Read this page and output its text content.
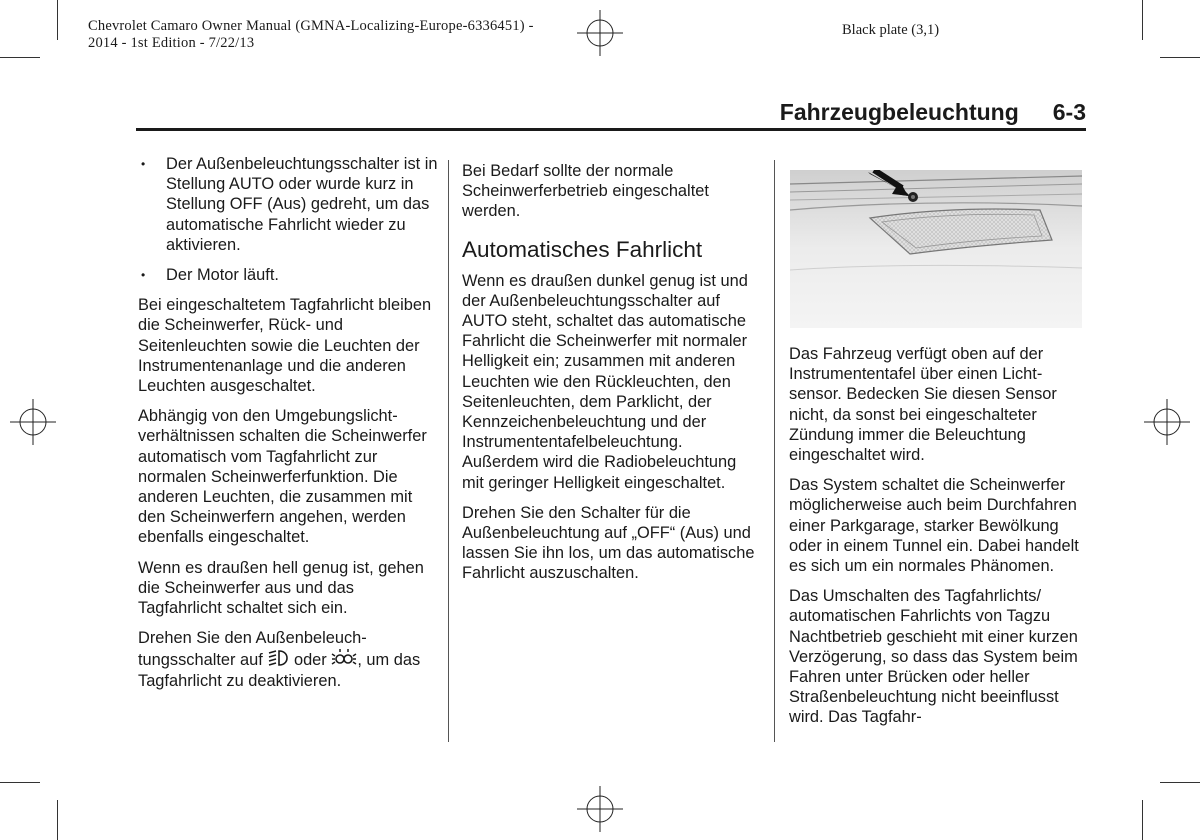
Chevrolet Camaro Owner Manual (GMNA-Localizing-Europe-6336451) -
2014 - 1st Edition - 7/22/13
Black plate (3,1)
Fahrzeugbeleuchtung 6-3
• Der Außenbeleuchtungsschalter ist in Stellung AUTO oder wurde kurz in Stellung OFF (Aus) gedreht, um das automatische Fahrlicht wieder zu aktivieren.
• Der Motor läuft.

Bei eingeschaltetem Tagfahrlicht bleiben die Scheinwerfer, Rück- und Seitenleuchten sowie die Leuchten der Instrumentenanlage und die anderen Leuchten ausgeschaltet.

Abhängig von den Umgebungslichtverhältnissen schalten die Scheinwerfer automatisch vom Tagfahrlicht zur normalen Scheinwerferfunktion. Die anderen Leuchten, die zusammen mit den Scheinwerfern angehen, werden ebenfalls eingeschaltet.

Wenn es draußen hell genug ist, gehen die Scheinwerfer aus und das Tagfahrlicht schaltet sich ein.

Drehen Sie den Außenbeleuchtungsschalter auf oder , um das Tagfahrlicht zu deaktivieren.

Bei Bedarf sollte der normale Scheinwerferbetrieb eingeschaltet werden.

Automatisches Fahrlicht

Wenn es draußen dunkel genug ist und der Außenbeleuchtungsschalter auf AUTO steht, schaltet das automatische Fahrlicht die Scheinwerfer mit normaler Helligkeit ein; zusammen mit anderen Leuchten wie den Rückleuchten, den Seitenleuchten, dem Parklicht, der Kennzeichenbeleuchtung und der Instrumententafelbeleuchtung. Außerdem wird die Radiobeleuchtung mit geringer Helligkeit eingeschaltet.

Drehen Sie den Schalter für die Außenbeleuchtung auf „OFF“ (Aus) und lassen Sie ihn los, um das automatische Fahrlicht auszuschalten.

Das Fahrzeug verfügt oben auf der Instrumententafel über einen Lichtsensor. Bedecken Sie diesen Sensor nicht, da sonst bei eingeschalteter Zündung immer die Beleuchtung eingeschaltet wird.

Das System schaltet die Scheinwerfer möglicherweise auch beim Durchfahren einer Parkgarage, starker Bewölkung oder in einem Tunnel ein. Dabei handelt es sich um ein normales Phänomen.

Das Umschalten des Tagfahrlichts/ automatischen Fahrlichts von Tagzu Nachtbetrieb geschieht mit einer kurzen Verzögerung, so dass das System beim Fahren unter Brücken oder heller Straßenbeleuchtung nicht beeinflusst wird. Das Tagfahr-
